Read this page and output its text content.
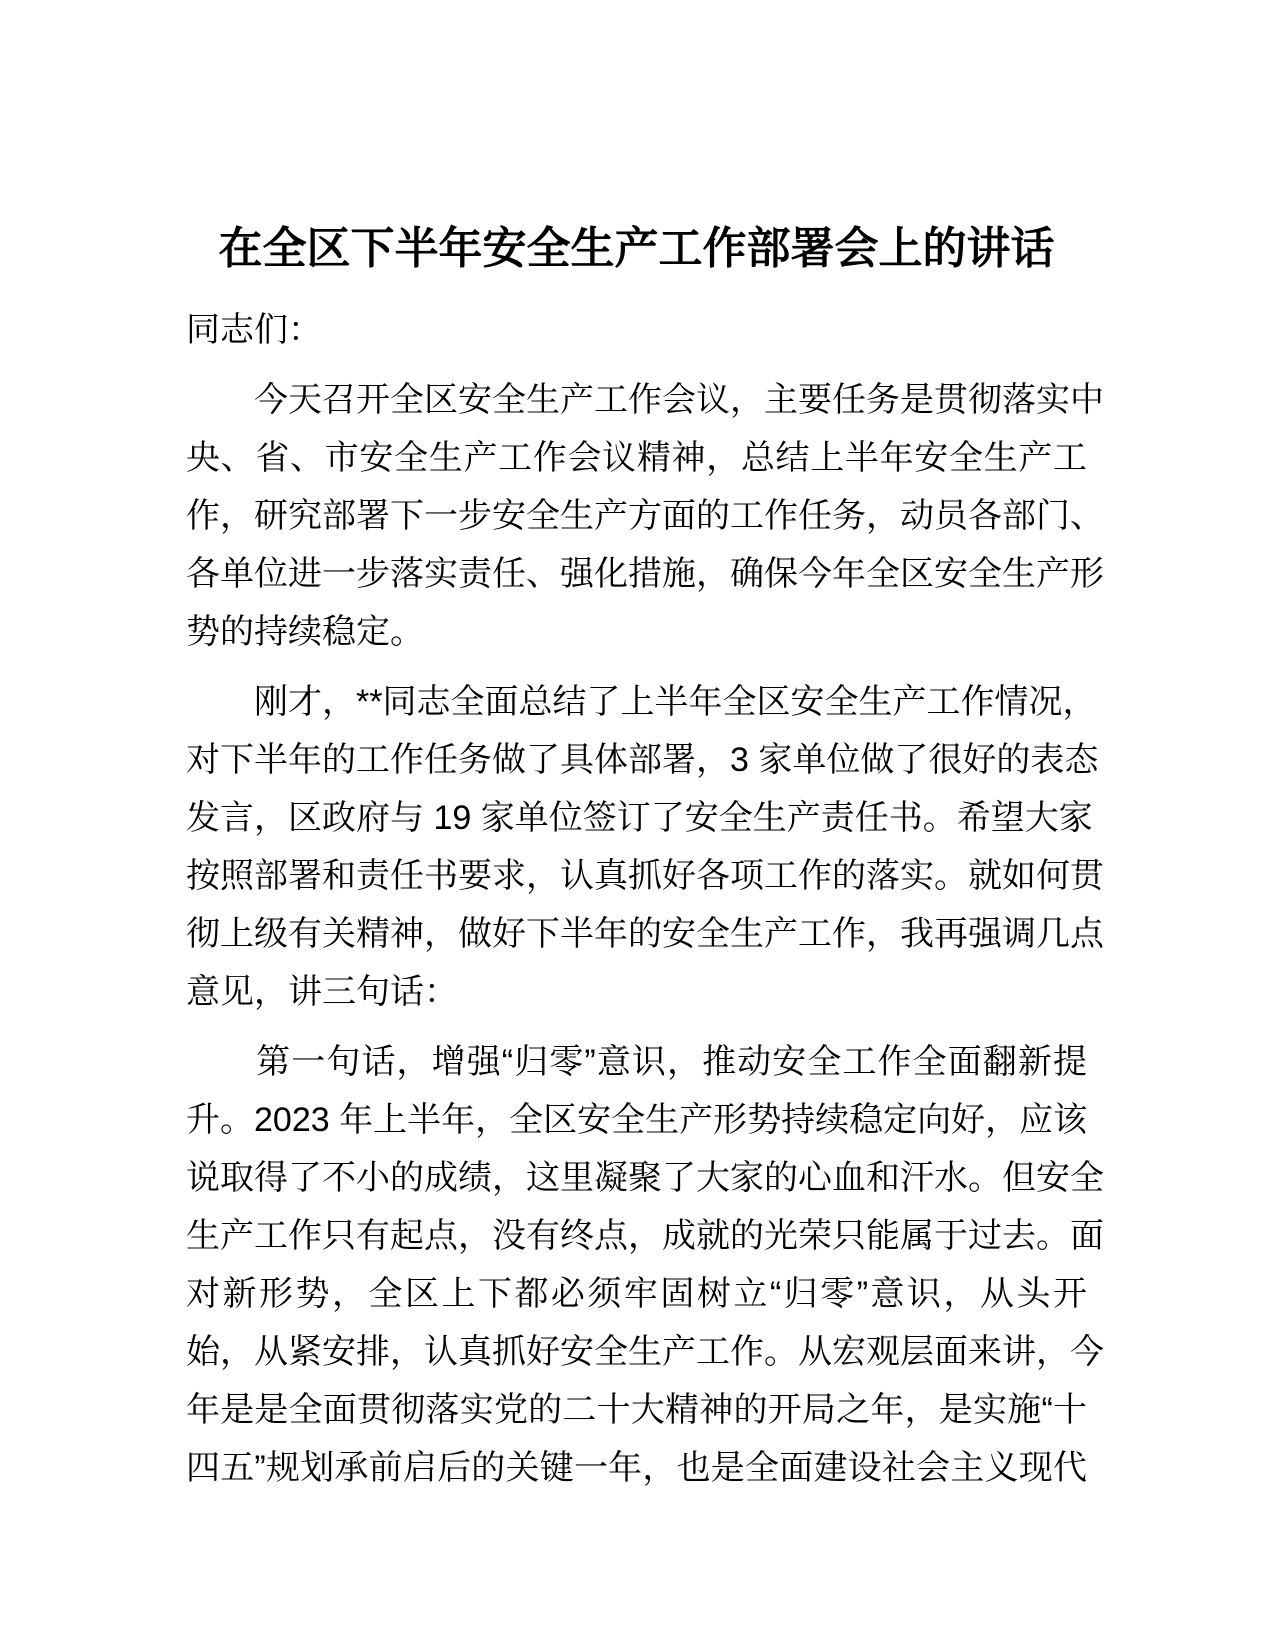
在全区下半年安全生产工作部署会上的讲话
同志们：
　　今天召开全区安全生产工作会议，主要任务是贯彻落实中
央、省、市安全生产工作会议精神，总结上半年安全生产工
作，研究部署下一步安全生产方面的工作任务，动员各部门、
各单位进一步落实责任、强化措施，确保今年全区安全生产形
势的持续稳定。
　　刚才，**同志全面总结了上半年全区安全生产工作情况，
对下半年的工作任务做了具体部署，3 家单位做了很好的表态
发言，区政府与 19 家单位签订了安全生产责任书。希望大家
按照部署和责任书要求，认真抓好各项工作的落实。就如何贯
彻上级有关精神，做好下半年的安全生产工作，我再强调几点
意见，讲三句话：
　　第一句话，增强“归零”意识，推动安全工作全面翻新提
升。2023 年上半年，全区安全生产形势持续稳定向好，应该
说取得了不小的成绩，这里凝聚了大家的心血和汗水。但安全
生产工作只有起点，没有终点，成就的光荣只能属于过去。面
对新形势，全区上下都必须牢固树立“归零”意识，从头开
始，从紧安排，认真抓好安全生产工作。从宏观层面来讲，今
年是是全面贯彻落实党的二十大精神的开局之年，是实施“十
四五”规划承前启后的关键一年，也是全面建设社会主义现代
